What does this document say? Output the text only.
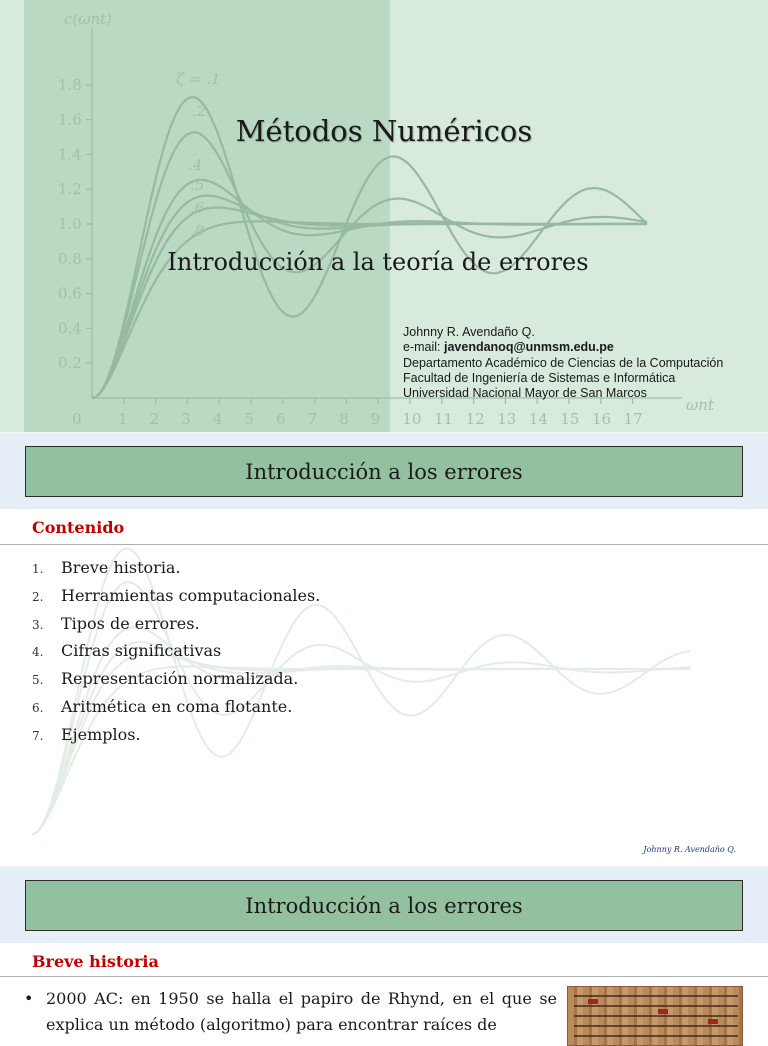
1.8
1.6
1.4
1.2
1.0
0.8
0.6
0.4
0.2
0 1 2 3 4 5 6 7 8 9 10 11 12 13 14 15 16 17
c(ωnt)
ωnt
ζ = .1
.2
.4
.5
.6
.8
Métodos Numéricos
Introducción a la teoría de errores
Johnny R. Avendaño Q.
e-mail: javendanoq@unmsm.edu.pe
Departamento Académico de Ciencias de la Computación
Facultad de Ingeniería de Sistemas e Informática
Universidad Nacional Mayor de San Marcos
Introducción a los errores
Contenido
1.	Breve historia.
2.	Herramientas computacionales.
3.	Tipos de errores.
4.	Cifras significativas
5.	Representación normalizada.
6.	Aritmética en coma flotante.
7.	Ejemplos.
Johnny R. Avendaño Q.
Introducción a los errores
Breve historia
• 2000 AC: en 1950 se halla el papiro de Rhynd, en el que se explica un método (algoritmo) para encontrar raíces de
